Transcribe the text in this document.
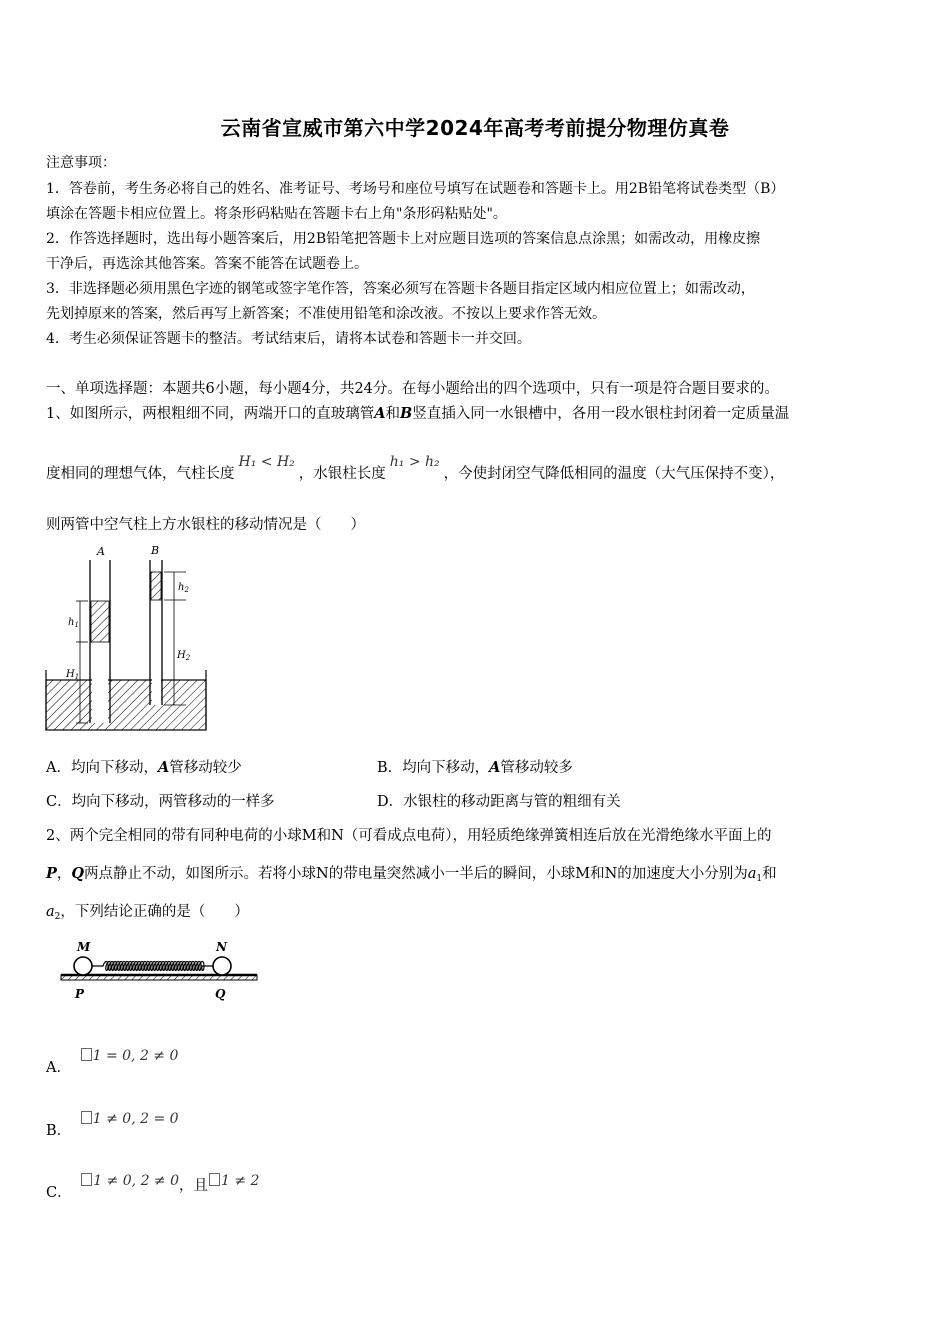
云南省宣威市第六中学2024年高考考前提分物理仿真卷
注意事项：
1．答卷前，考生务必将自己的姓名、准考证号、考场号和座位号填写在试题卷和答题卡上。用2B铅笔将试卷类型（B）
填涂在答题卡相应位置上。将条形码粘贴在答题卡右上角"条形码粘贴处"。
2．作答选择题时，选出每小题答案后，用2B铅笔把答题卡上对应题目选项的答案信息点涂黑；如需改动，用橡皮擦
干净后，再选涂其他答案。答案不能答在试题卷上。
3．非选择题必须用黑色字迹的钢笔或签字笔作答，答案必须写在答题卡各题目指定区域内相应位置上；如需改动，
先划掉原来的答案，然后再写上新答案；不准使用铅笔和涂改液。不按以上要求作答无效。
4．考生必须保证答题卡的整洁。考试结束后，请将本试卷和答题卡一并交回。
一、单项选择题：本题共6小题，每小题4分，共24分。在每小题给出的四个选项中，只有一项是符合题目要求的。
1、如图所示，两根粗细不同，两端开口的直玻璃管A和B竖直插入同一水银槽中，各用一段水银柱封闭着一定质量温
度相同的理想气体，气柱长度H₁ < H₂，水银柱长度h₁ > h₂，今使封闭空气降低相同的温度（大气压保持不变），
则两管中空气柱上方水银柱的移动情况是（　　）
A	B
$h_1$
$H_1$
$h_2$
$H_2$
A．均向下移动，A管移动较少	B．均向下移动，A管移动较多
C．均向下移动，两管移动的一样多	D．水银柱的移动距离与管的粗细有关
2、两个完全相同的带有同种电荷的小球M和N（可看成点电荷），用轻质绝缘弹簧相连后放在光滑绝缘水平面上的
P，Q两点静止不动，如图所示。若将小球N的带电量突然减小一半后的瞬间，小球M和N的加速度大小分别为$a_1$和
$a_2$，下列结论正确的是（　　）
M	N
P	Q
A． 1 = 0, 2 ≠ 0
B． 1 ≠ 0, 2 = 0
C． 1 ≠ 0, 2 ≠ 0，且 1 ≠ 2
